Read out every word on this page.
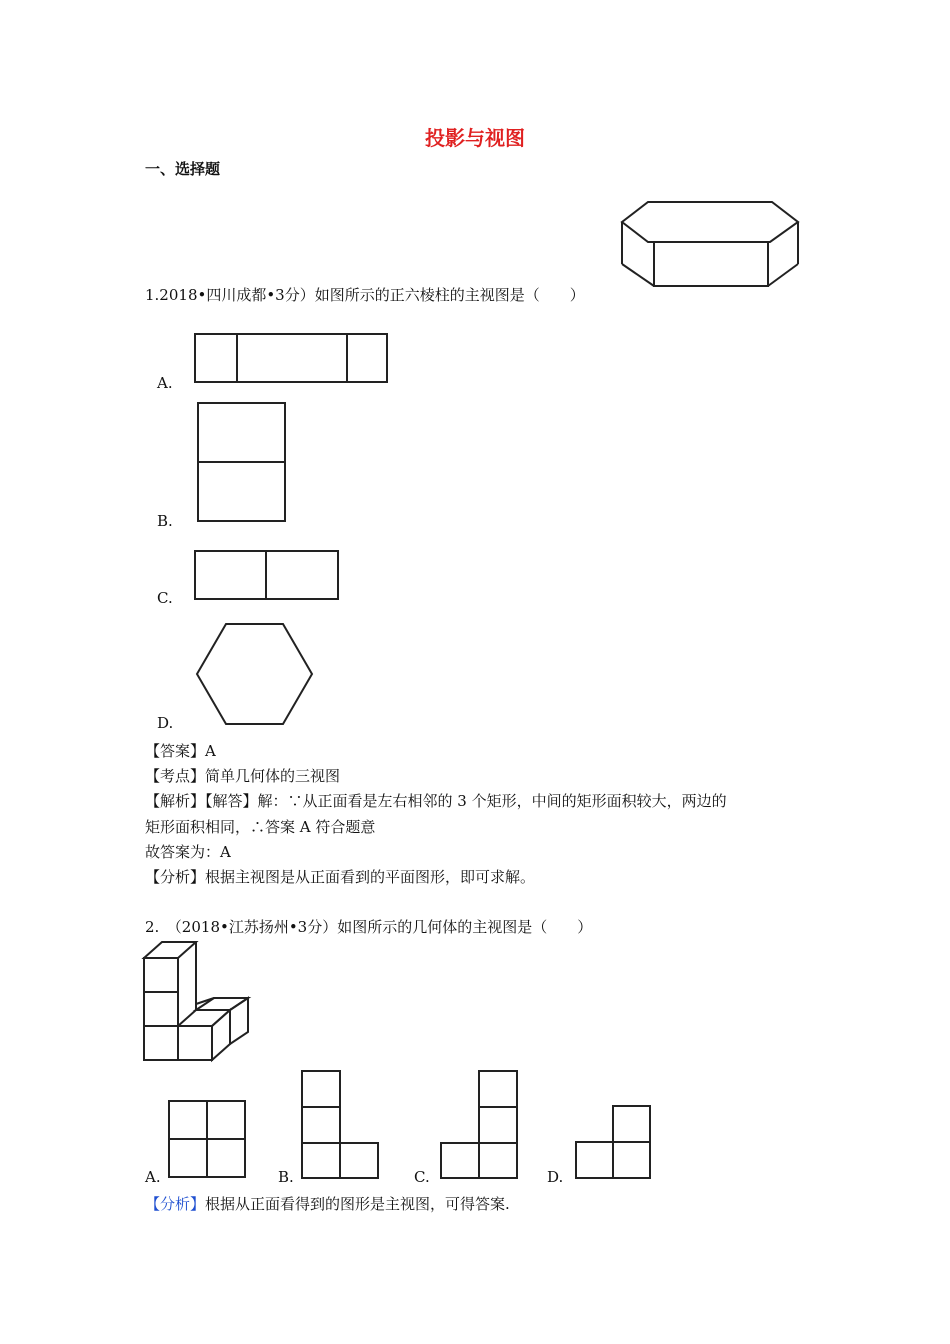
投影与视图
一、选择题
1.2018•四川成都•3分）如图所示的正六棱柱的主视图是（　　）
A.
B.
C.
D.
【答案】A
【考点】简单几何体的三视图
【解析】【解答】解：∵从正面看是左右相邻的 3 个矩形，中间的矩形面积较大，两边的
矩形面积相同，∴答案 A 符合题意
故答案为：A
【分析】根据主视图是从正面看到的平面图形，即可求解。
2.　（2018•江苏扬州•3分）如图所示的几何体的主视图是（　　）
A.	B.	C.	D.
【分析】根据从正面看得到的图形是主视图，可得答案.
